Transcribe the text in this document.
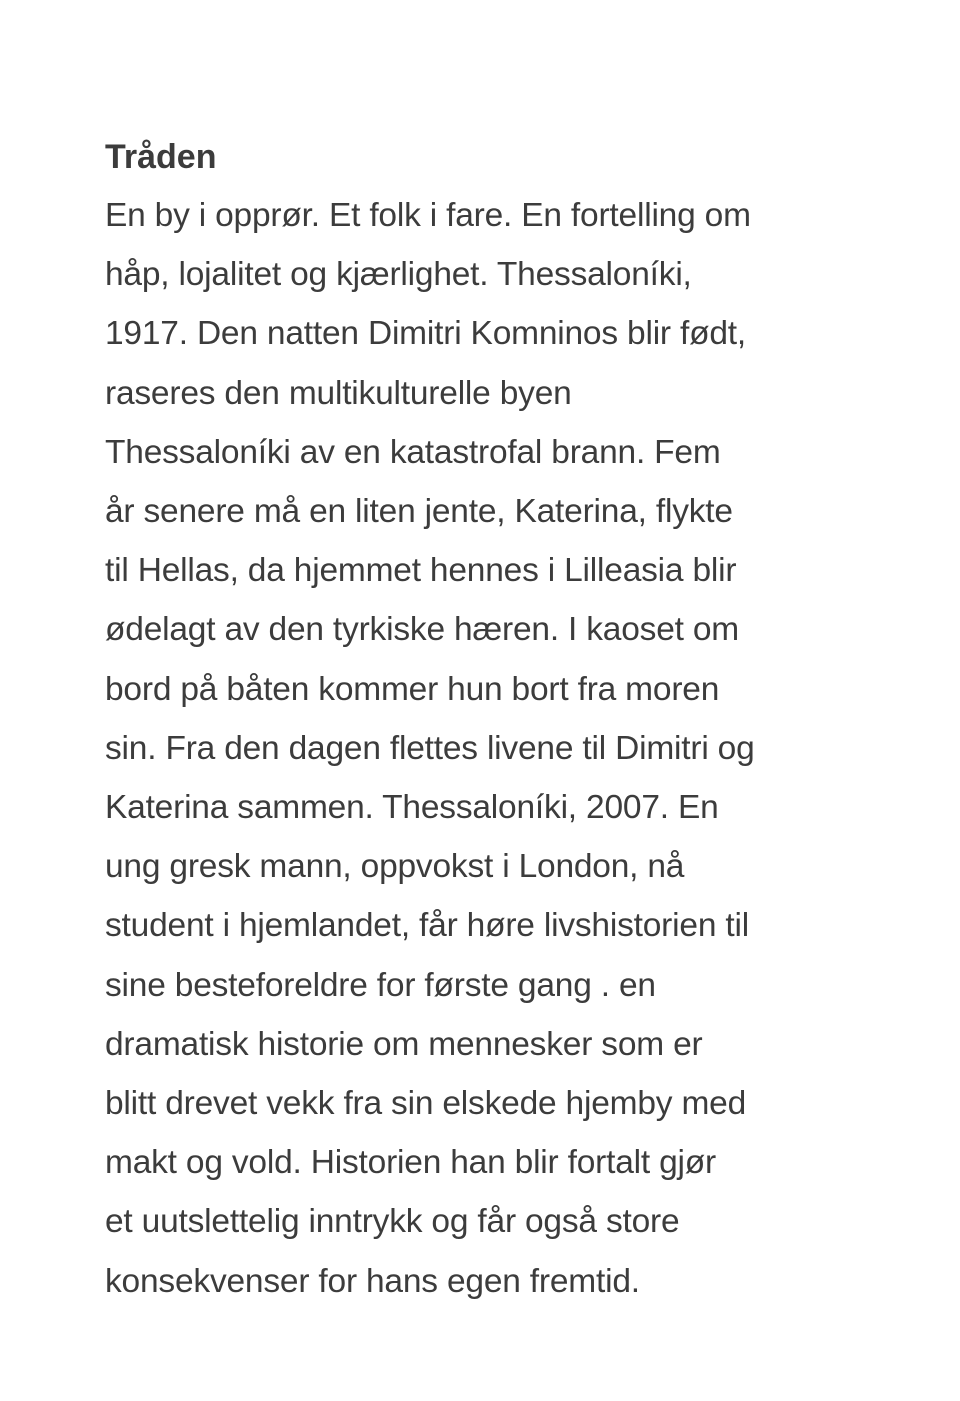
Tråden
En by i opprør. Et folk i fare. En fortelling om
håp, lojalitet og kjærlighet. Thessaloníki,
1917. Den natten Dimitri Komninos blir født,
raseres den multikulturelle byen
Thessaloníki av en katastrofal brann. Fem
år senere må en liten jente, Katerina, flykte
til Hellas, da hjemmet hennes i Lilleasia blir
ødelagt av den tyrkiske hæren. I kaoset om
bord på båten kommer hun bort fra moren
sin. Fra den dagen flettes livene til Dimitri og
Katerina sammen. Thessaloníki, 2007. En
ung gresk mann, oppvokst i London, nå
student i hjemlandet, får høre livshistorien til
sine besteforeldre for første gang . en
dramatisk historie om mennesker som er
blitt drevet vekk fra sin elskede hjemby med
makt og vold. Historien han blir fortalt gjør
et uutslettelig inntrykk og får også store
konsekvenser for hans egen fremtid.
